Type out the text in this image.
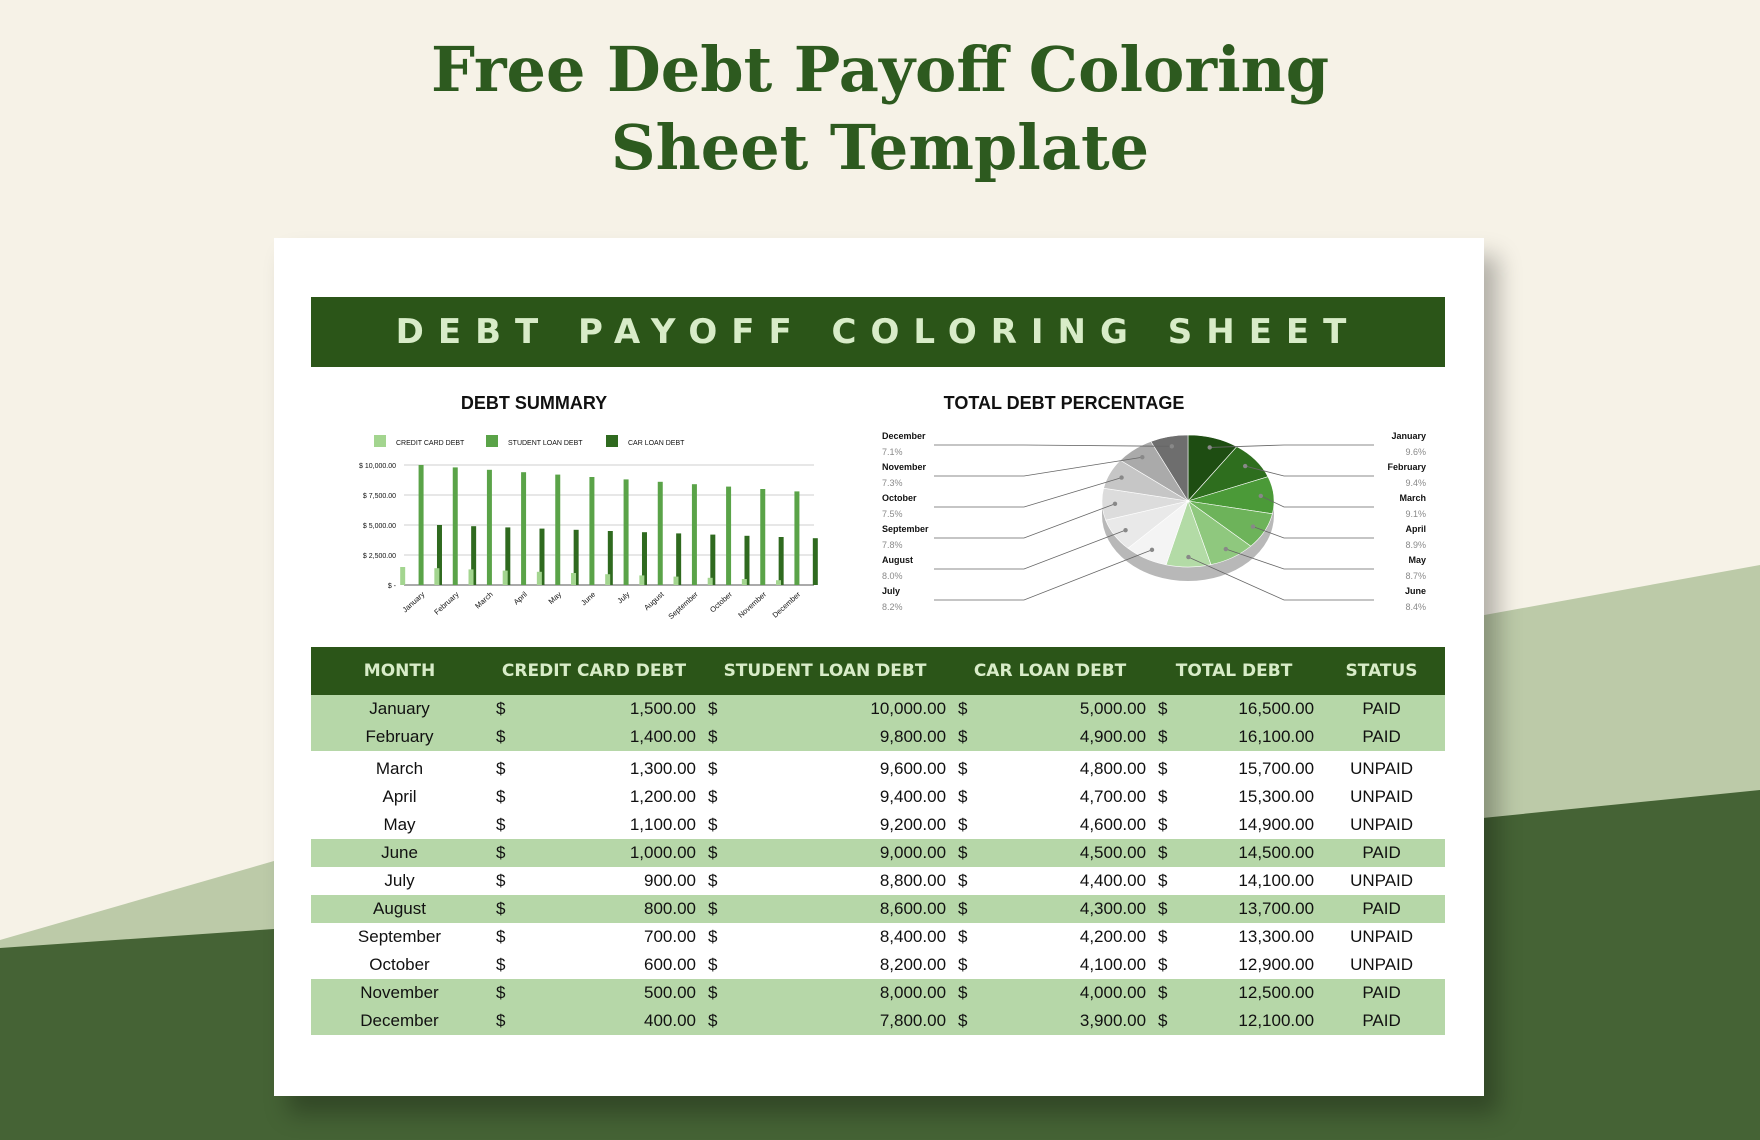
Free Debt Payoff Coloring
Sheet Template
DEBT PAYOFF COLORING SHEET
DEBT SUMMARY
CREDIT CARD DEBT	STUDENT LOAN DEBT	CAR LOAN DEBT
$ -
$ 2,500.00
$ 5,000.00
$ 7,500.00
$ 10,000.00
January February March April May June July August September October November December
TOTAL DEBT PERCENTAGE
January
9.6%
February
9.4%
March
9.1%
April
8.9%
May
8.7%
June
8.4%
July
8.2%
August
8.0%
September
7.8%
October
7.5%
November
7.3%
December
7.1%
MONTH	CREDIT CARD DEBT		STUDENT LOAN DEBT		CAR LOAN DEBT		TOTAL DEBT		STATUS
January	$	1,500.00	$	10,000.00	$	5,000.00	$	16,500.00	PAID
February	$	1,400.00	$	9,800.00	$	4,900.00	$	16,100.00	PAID

March	$	1,300.00	$	9,600.00	$	4,800.00	$	15,700.00	UNPAID
April	$	1,200.00	$	9,400.00	$	4,700.00	$	15,300.00	UNPAID
May	$	1,100.00	$	9,200.00	$	4,600.00	$	14,900.00	UNPAID
June	$	1,000.00	$	9,000.00	$	4,500.00	$	14,500.00	PAID
July	$	900.00	$	8,800.00	$	4,400.00	$	14,100.00	UNPAID
August	$	800.00	$	8,600.00	$	4,300.00	$	13,700.00	PAID
September	$	700.00	$	8,400.00	$	4,200.00	$	13,300.00	UNPAID
October	$	600.00	$	8,200.00	$	4,100.00	$	12,900.00	UNPAID
November	$	500.00	$	8,000.00	$	4,000.00	$	12,500.00	PAID
December	$	400.00	$	7,800.00	$	3,900.00	$	12,100.00	PAID
